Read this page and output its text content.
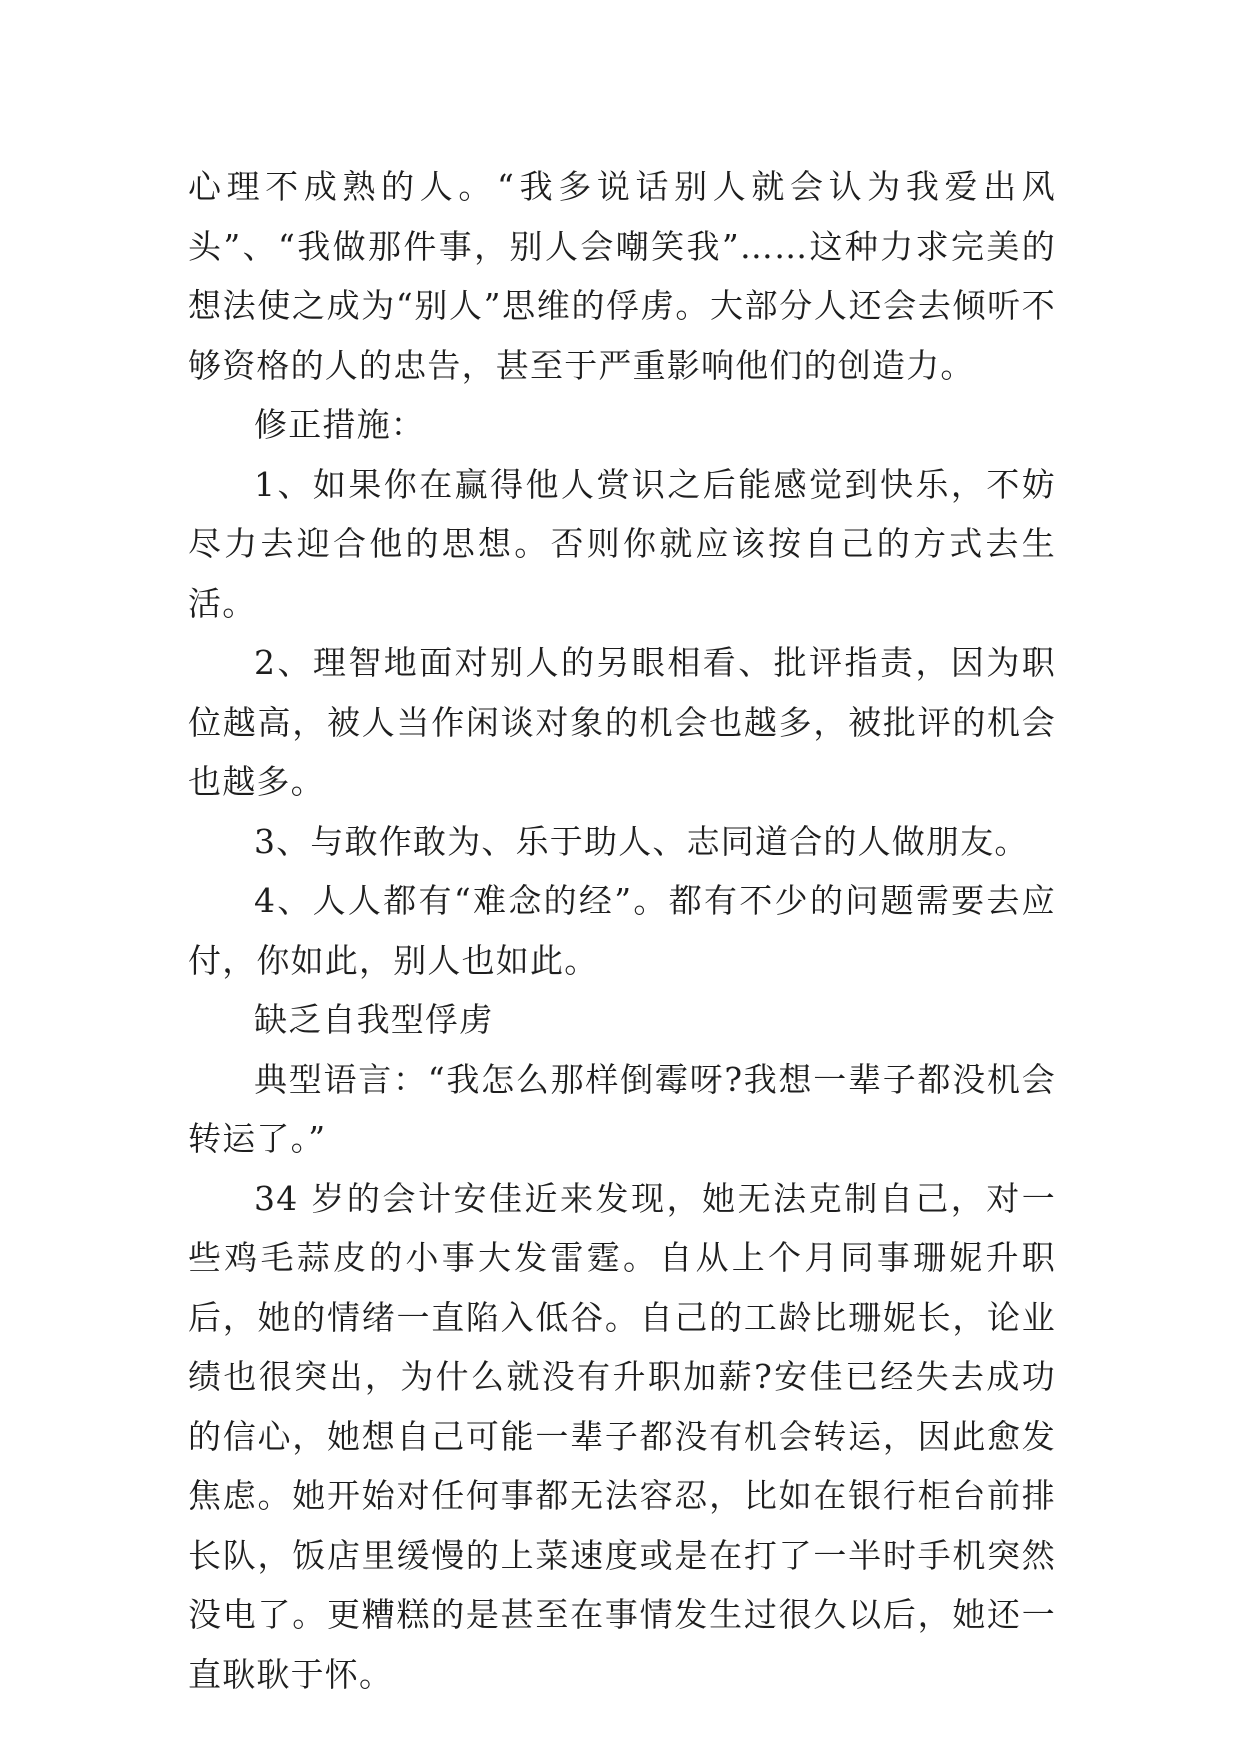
心理不成熟的人。“我多说话别人就会认为我爱出风头”、“我做那件事，别人会嘲笑我”……这种力求完美的想法使之成为“别人”思维的俘虏。大部分人还会去倾听不够资格的人的忠告，甚至于严重影响他们的创造力。

修正措施：

1、如果你在赢得他人赏识之后能感觉到快乐，不妨尽力去迎合他的思想。否则你就应该按自己的方式去生活。

2、理智地面对别人的另眼相看、批评指责，因为职位越高，被人当作闲谈对象的机会也越多，被批评的机会也越多。

3、与敢作敢为、乐于助人、志同道合的人做朋友。

4、人人都有“难念的经”。都有不少的问题需要去应付，你如此，别人也如此。

缺乏自我型俘虏

典型语言：“我怎么那样倒霉呀?我想一辈子都没机会转运了。”

34 岁的会计安佳近来发现，她无法克制自己，对一些鸡毛蒜皮的小事大发雷霆。自从上个月同事珊妮升职后，她的情绪一直陷入低谷。自己的工龄比珊妮长，论业绩也很突出，为什么就没有升职加薪?安佳已经失去成功的信心，她想自己可能一辈子都没有机会转运，因此愈发焦虑。她开始对任何事都无法容忍，比如在银行柜台前排长队，饭店里缓慢的上菜速度或是在打了一半时手机突然没电了。更糟糕的是甚至在事情发生过很久以后，她还一直耿耿于怀。
